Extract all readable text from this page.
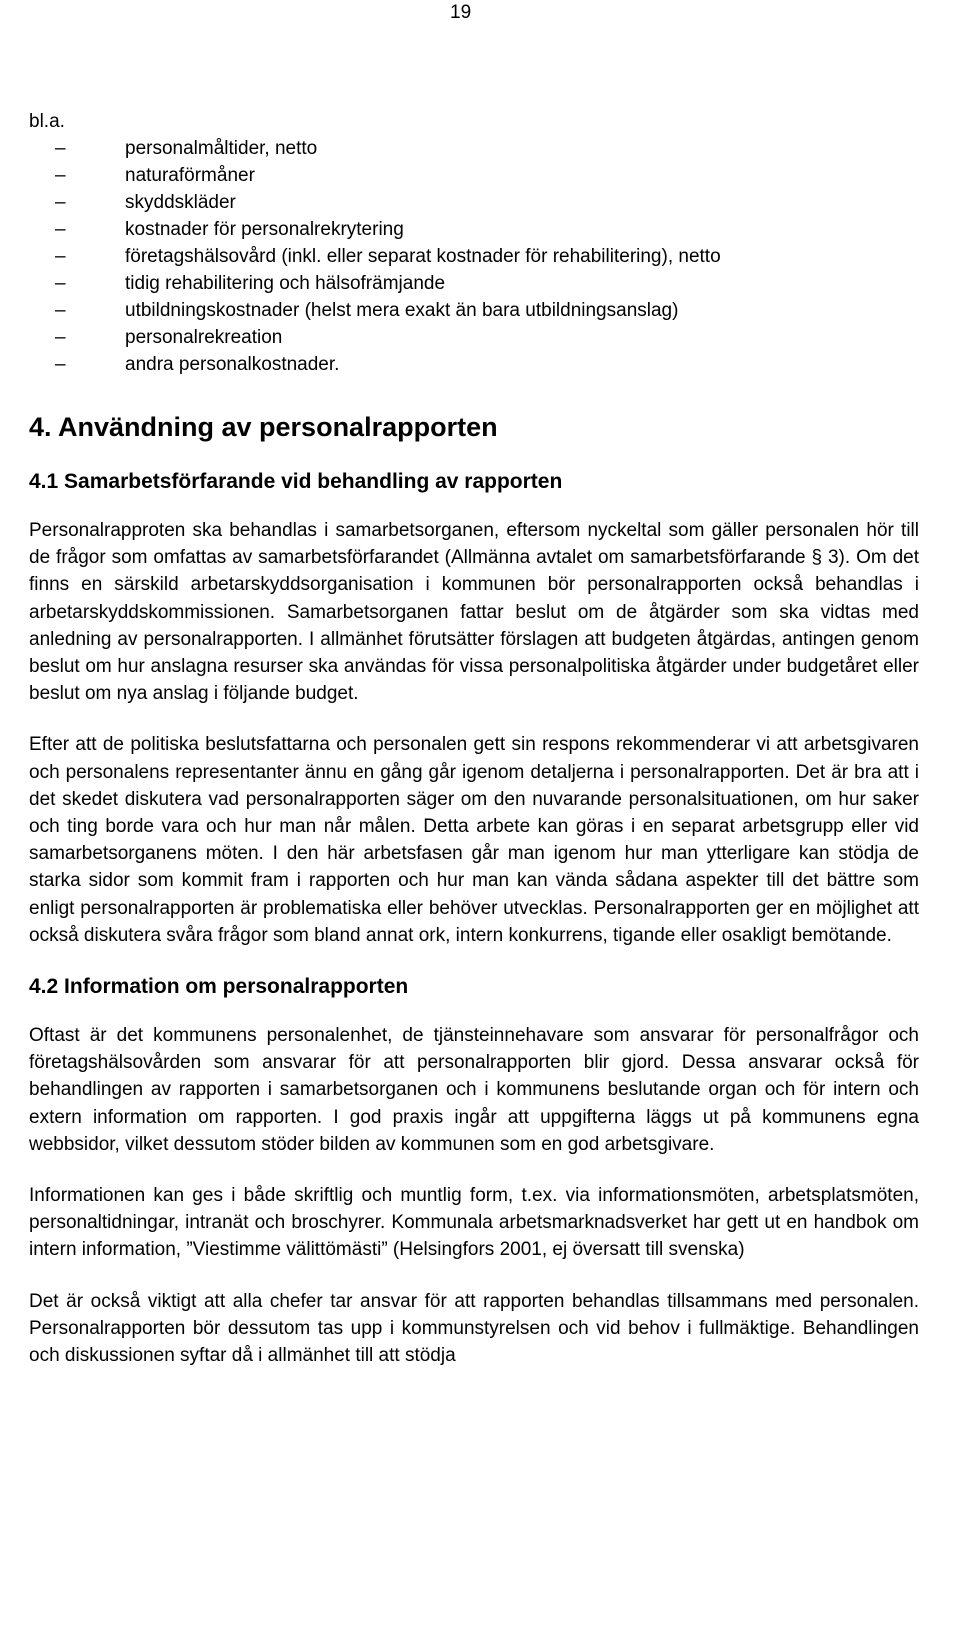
19
bl.a.
–	personalmåltider, netto
–	naturaförmåner
–	skyddskläder
–	kostnader för personalrekrytering
–	företagshälsovård (inkl. eller separat kostnader för rehabilitering), netto
–	tidig rehabilitering och hälsofrämjande
–	utbildningskostnader (helst mera exakt än bara utbildningsanslag)
–	personalrekreation
–	andra personalkostnader.
4. Användning av personalrapporten
4.1 Samarbetsförfarande vid behandling av rapporten

Personalrapproten ska behandlas i samarbetsorganen, eftersom nyckeltal som gäller personalen hör till de frågor som omfattas av samarbetsförfarandet (Allmänna avtalet om samarbetsförfarande § 3). Om det finns en särskild arbetarskyddsorganisation i kommunen bör personalrapporten också behandlas i arbetarskyddskommissionen. Samarbetsorganen fattar beslut om de åtgärder som ska vidtas med anledning av personalrapporten. I allmänhet förutsätter förslagen att budgeten åtgärdas, antingen genom beslut om hur anslagna resurser ska användas för vissa personalpolitiska åtgärder under budgetåret eller beslut om nya anslag i följande budget.

Efter att de politiska beslutsfattarna och personalen gett sin respons rekommenderar vi att arbetsgivaren och personalens representanter ännu en gång går igenom detaljerna i personalrapporten. Det är bra att i det skedet diskutera vad personalrapporten säger om den nuvarande personalsituationen, om hur saker och ting borde vara och hur man når målen. Detta arbete kan göras i en separat arbetsgrupp eller vid samarbetsorganens möten. I den här arbetsfasen går man igenom hur man ytterligare kan stödja de starka sidor som kommit fram i rapporten och hur man kan vända sådana aspekter till det bättre som enligt personalrapporten är problematiska eller behöver utvecklas. Personalrapporten ger en möjlighet att också diskutera svåra frågor som bland annat ork, intern konkurrens, tigande eller osakligt bemötande.

4.2 Information om personalrapporten

Oftast är det kommunens personalenhet, de tjänsteinnehavare som ansvarar för personalfrågor och företagshälsovården som ansvarar för att personalrapporten blir gjord. Dessa ansvarar också för behandlingen av rapporten i samarbetsorganen och i kommunens beslutande organ och för intern och extern information om rapporten. I god praxis ingår att uppgifterna läggs ut på kommunens egna webbsidor, vilket dessutom stöder bilden av kommunen som en god arbetsgivare.

Informationen kan ges i både skriftlig och muntlig form, t.ex. via informationsmöten, arbetsplatsmöten, personaltidningar, intranät och broschyrer. Kommunala arbetsmarknadsverket har gett ut en handbok om intern information, ”Viestimme välittömästi” (Helsingfors 2001, ej översatt till svenska)

Det är också viktigt att alla chefer tar ansvar för att rapporten behandlas tillsammans med personalen. Personalrapporten bör dessutom tas upp i kommunstyrelsen och vid behov i fullmäktige. Behandlingen och diskussionen syftar då i allmänhet till att stödja
